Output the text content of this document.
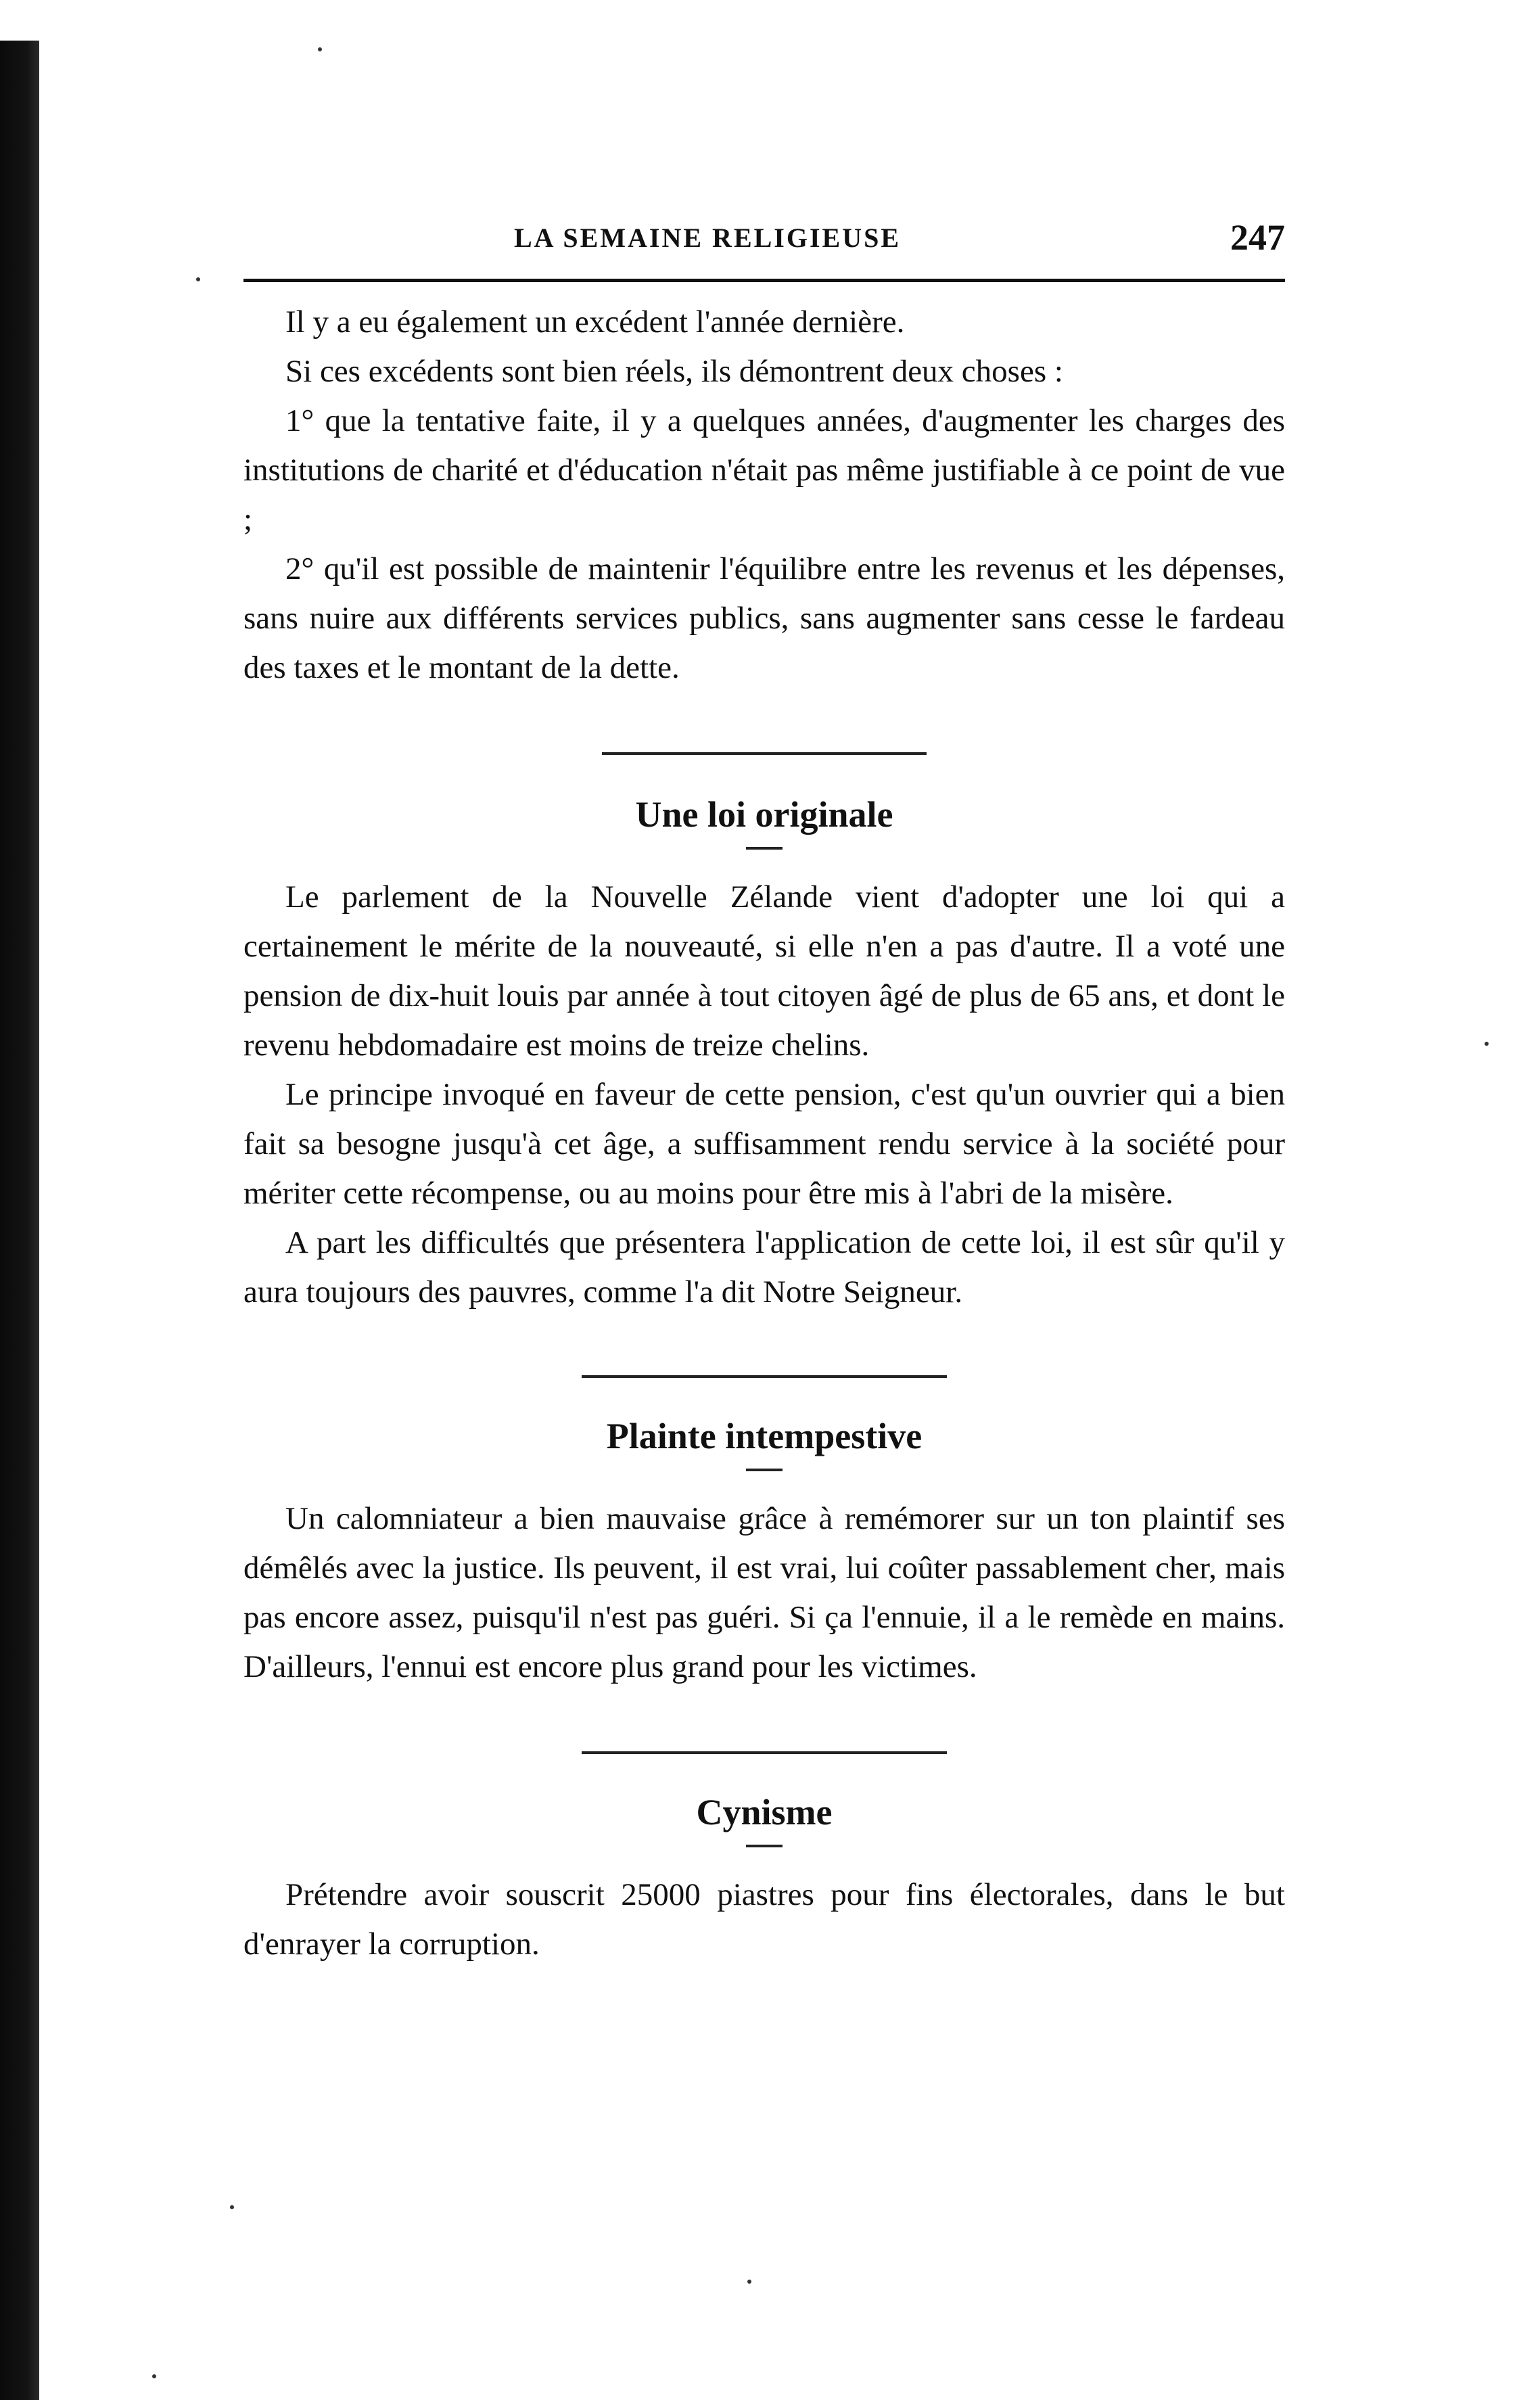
LA SEMAINE RELIGIEUSE	247

Il y a eu également un excédent l'année dernière.

Si ces excédents sont bien réels, ils démontrent deux choses :

1° que la tentative faite, il y a quelques années, d'augmenter les charges des institutions de charité et d'éducation n'était pas même justifiable à ce point de vue ;

2° qu'il est possible de maintenir l'équilibre entre les revenus et les dépenses, sans nuire aux différents services publics, sans augmenter sans cesse le fardeau des taxes et le montant de la dette.

Une loi originale

Le parlement de la Nouvelle Zélande vient d'adopter une loi qui a certainement le mérite de la nouveauté, si elle n'en a pas d'autre. Il a voté une pension de dix-huit louis par année à tout citoyen âgé de plus de 65 ans, et dont le revenu hebdomadaire est moins de treize chelins.

Le principe invoqué en faveur de cette pension, c'est qu'un ouvrier qui a bien fait sa besogne jusqu'à cet âge, a suffisamment rendu service à la société pour mériter cette récompense, ou au moins pour être mis à l'abri de la misère.

A part les difficultés que présentera l'application de cette loi, il est sûr qu'il y aura toujours des pauvres, comme l'a dit Notre Seigneur.

Plainte intempestive

Un calomniateur a bien mauvaise grâce à remémorer sur un ton plaintif ses démêlés avec la justice. Ils peuvent, il est vrai, lui coûter passablement cher, mais pas encore assez, puisqu'il n'est pas guéri. Si ça l'ennuie, il a le remède en mains. D'ailleurs, l'ennui est encore plus grand pour les victimes.

Cynisme

Prétendre avoir souscrit 25000 piastres pour fins électorales, dans le but d'enrayer la corruption.
